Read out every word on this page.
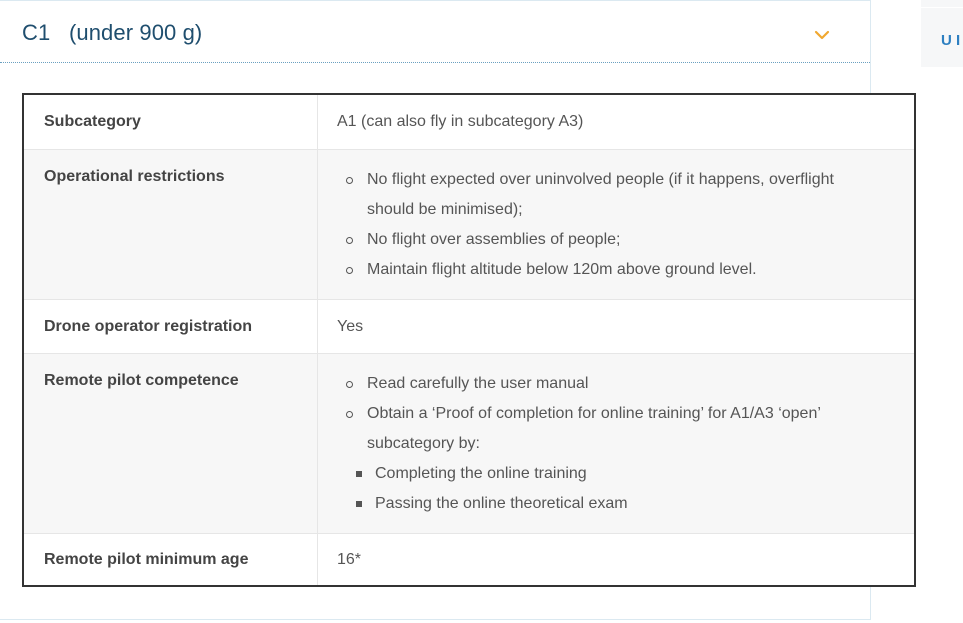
U I
C1   (under 900 g)
Subcategory	A1 (can also fly in subcategory A3)
Operational restrictions	No flight expected over uninvolved people (if it happens, overflight
should be minimised);
No flight over assemblies of people;
Maintain flight altitude below 120m above ground level.
Drone operator registration	Yes
Remote pilot competence	Read carefully the user manual
Obtain a ‘Proof of completion for online training’ for A1/A3 ‘open’
subcategory by:
Completing the online training
Passing the online theoretical exam
Remote pilot minimum age	16*
